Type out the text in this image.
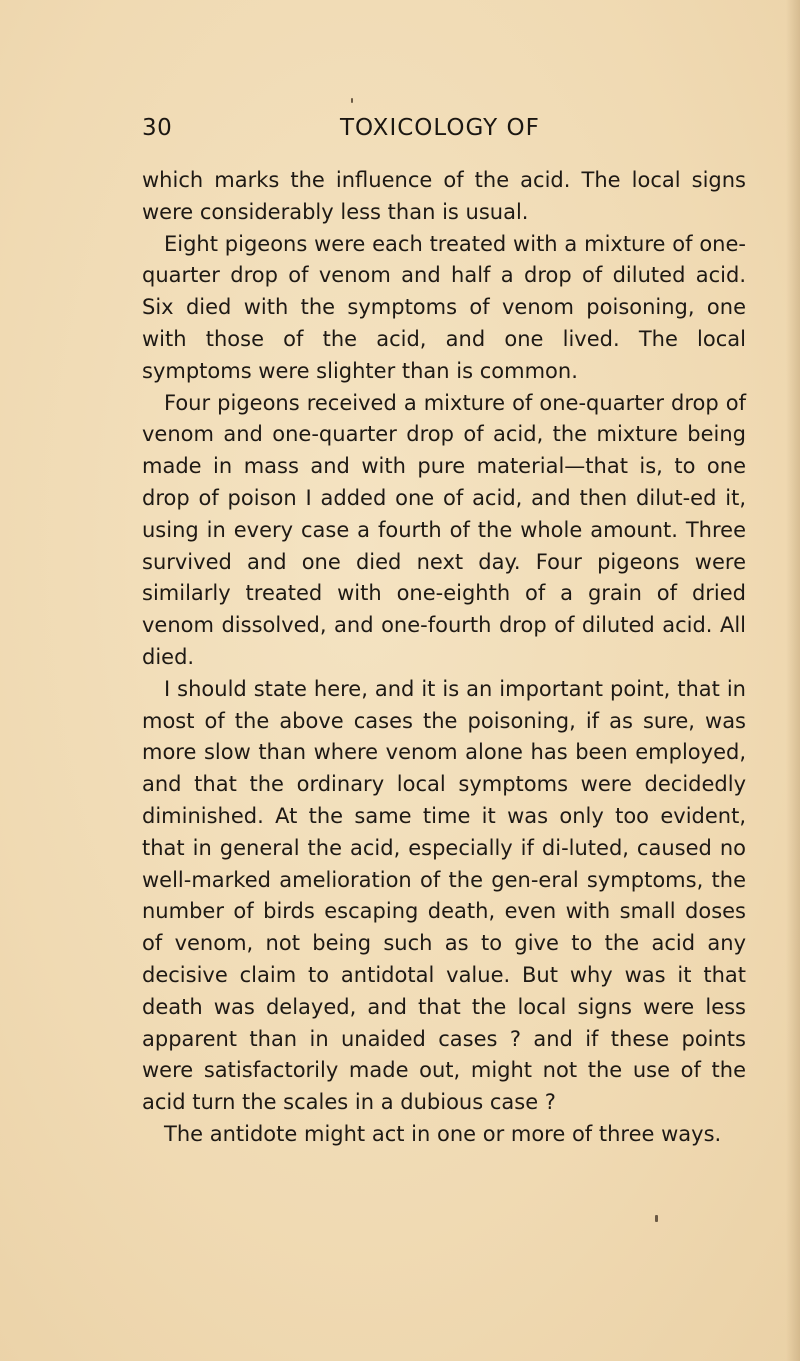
30	TOXICOLOGY OF

which marks the influence of the acid. The local signs were considerably less than is usual.

Eight pigeons were each treated with a mixture of one-quarter drop of venom and half a drop of diluted acid. Six died with the symptoms of venom poisoning, one with those of the acid, and one lived. The local symptoms were slighter than is common.

Four pigeons received a mixture of one-quarter drop of venom and one-quarter drop of acid, the mixture being made in mass and with pure material—that is, to one drop of poison I added one of acid, and then dilut-ed it, using in every case a fourth of the whole amount. Three survived and one died next day. Four pigeons were similarly treated with one-eighth of a grain of dried venom dissolved, and one-fourth drop of diluted acid. All died.

I should state here, and it is an important point, that in most of the above cases the poisoning, if as sure, was more slow than where venom alone has been employed, and that the ordinary local symptoms were decidedly diminished. At the same time it was only too evident, that in general the acid, especially if di-luted, caused no well-marked amelioration of the gen-eral symptoms, the number of birds escaping death, even with small doses of venom, not being such as to give to the acid any decisive claim to antidotal value. But why was it that death was delayed, and that the local signs were less apparent than in unaided cases ? and if these points were satisfactorily made out, might not the use of the acid turn the scales in a dubious case ?

The antidote might act in one or more of three ways.
